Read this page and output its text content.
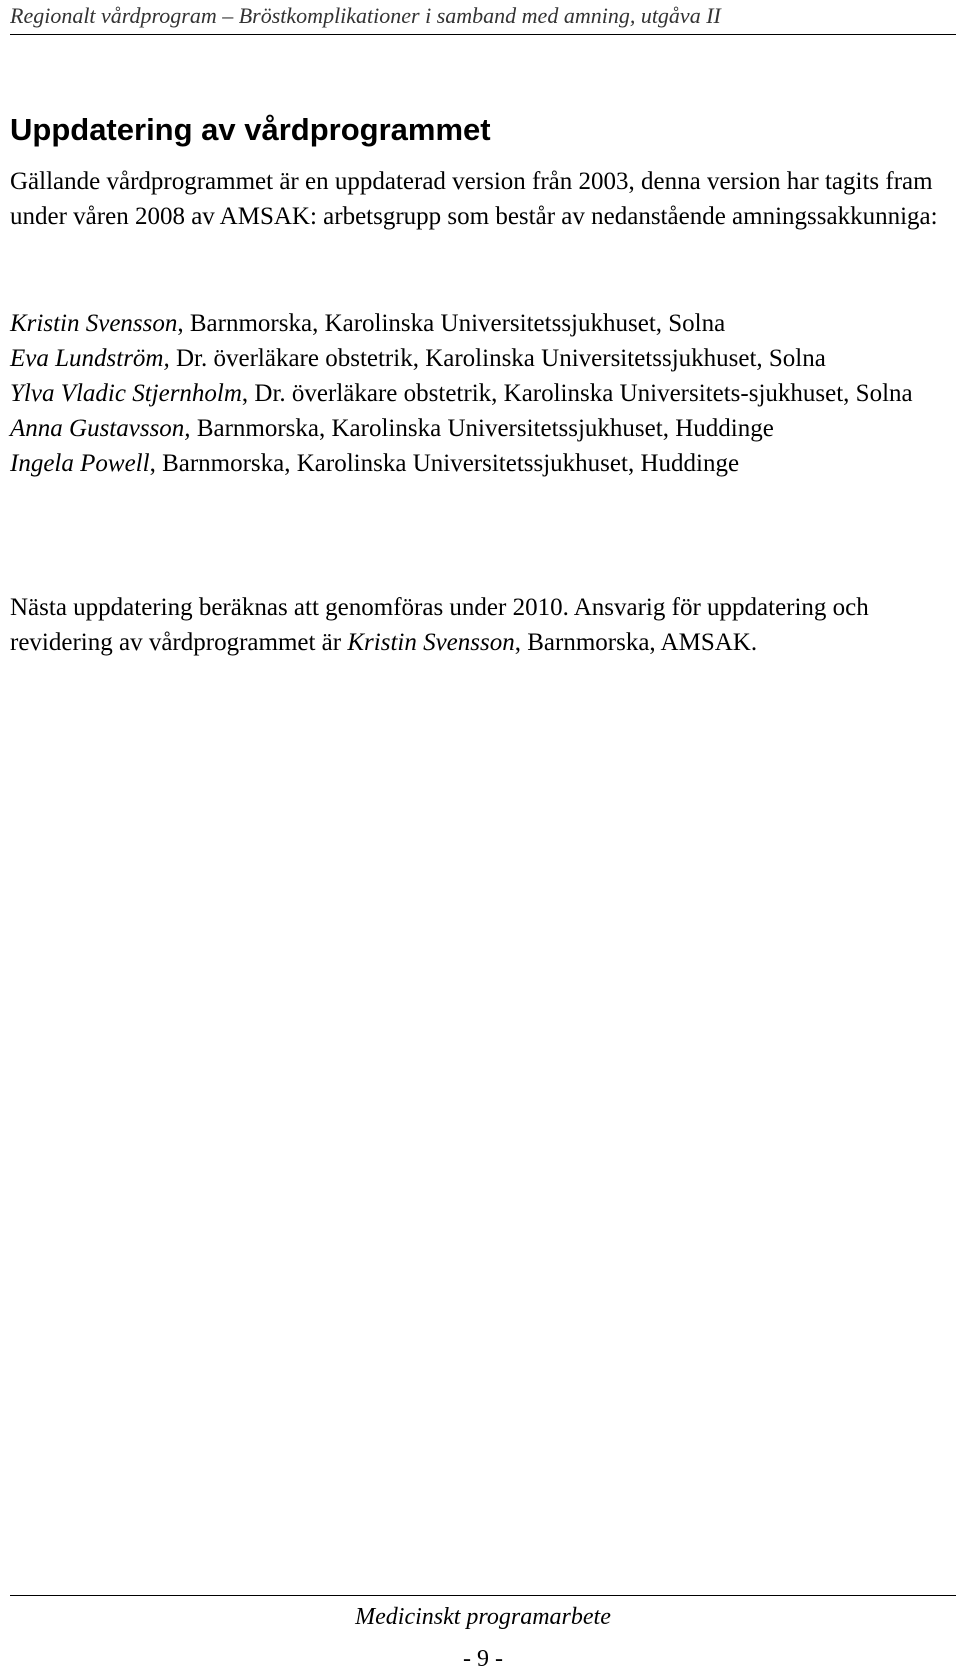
Regionalt vårdprogram – Bröstkomplikationer i samband med amning, utgåva II
Uppdatering av vårdprogrammet

Gällande vårdprogrammet är en uppdaterad version från 2003, denna version har tagits fram under våren 2008 av AMSAK: arbetsgrupp som består av nedanstående amningssakkunniga:

Kristin Svensson, Barnmorska, Karolinska Universitetssjukhuset, Solna
Eva Lundström, Dr. överläkare obstetrik, Karolinska Universitetssjukhuset, Solna
Ylva Vladic Stjernholm, Dr. överläkare obstetrik, Karolinska Universitets-sjukhuset, Solna
Anna Gustavsson, Barnmorska, Karolinska Universitetssjukhuset, Huddinge
Ingela Powell, Barnmorska, Karolinska Universitetssjukhuset, Huddinge

Nästa uppdatering beräknas att genomföras under 2010. Ansvarig för uppdatering och revidering av vårdprogrammet är Kristin Svensson, Barnmorska, AMSAK.

Medicinskt programarbete
- 9 -
